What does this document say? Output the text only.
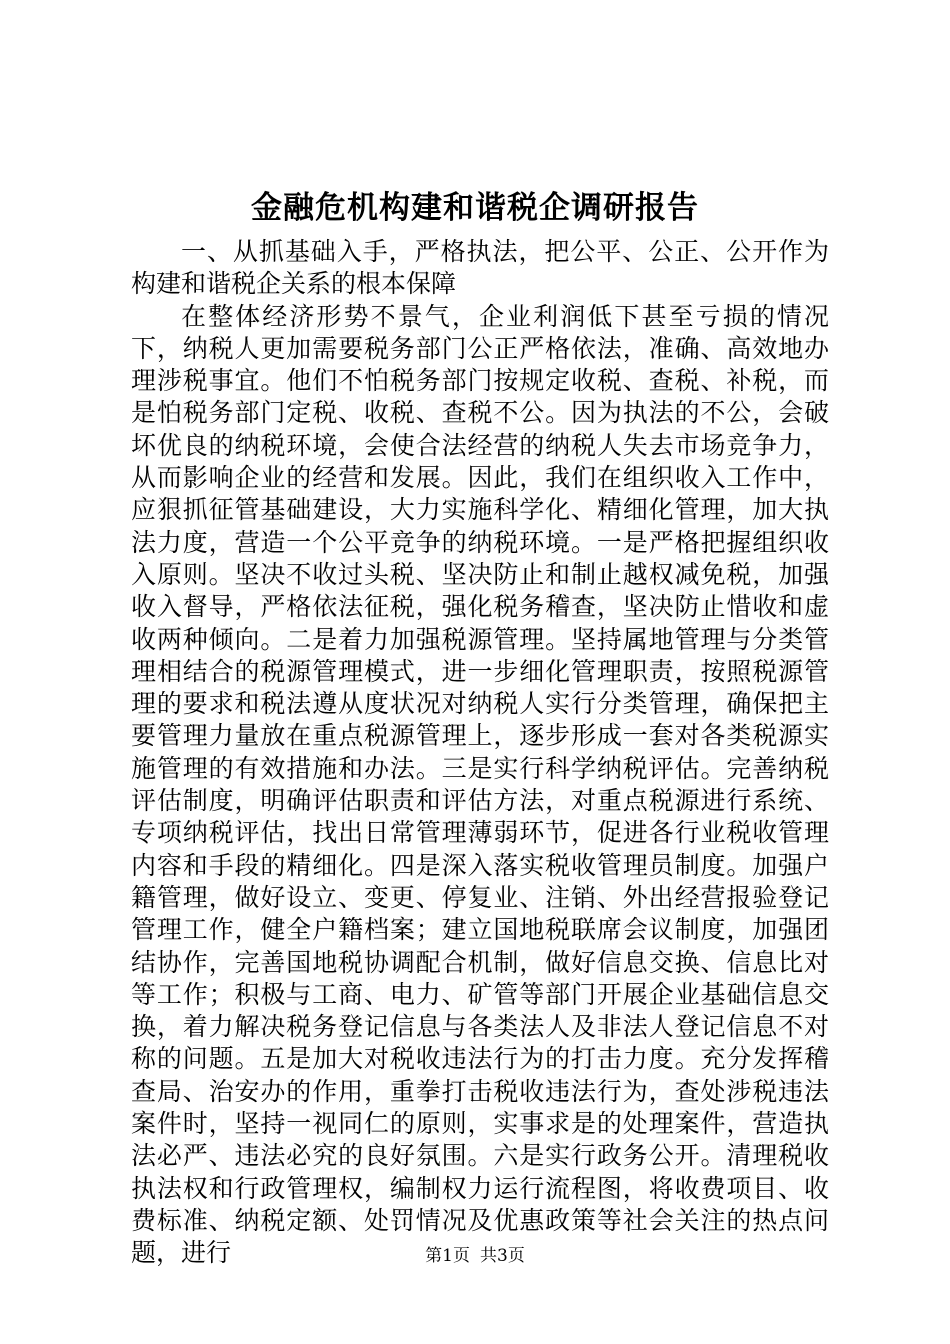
金融危机构建和谐税企调研报告

一、从抓基础入手，严格执法，把公平、公正、公开作为构建和谐税企关系的根本保障

在整体经济形势不景气，企业利润低下甚至亏损的情况下，纳税人更加需要税务部门公正严格依法，准确、高效地办理涉税事宜。他们不怕税务部门按规定收税、查税、补税，而是怕税务部门定税、收税、查税不公。因为执法的不公，会破坏优良的纳税环境，会使合法经营的纳税人失去市场竞争力，从而影响企业的经营和发展。因此，我们在组织收入工作中，应狠抓征管基础建设，大力实施科学化、精细化管理，加大执法力度，营造一个公平竞争的纳税环境。一是严格把握组织收入原则。坚决不收过头税、坚决防止和制止越权减免税，加强收入督导，严格依法征税，强化税务稽查，坚决防止惜收和虚收两种倾向。二是着力加强税源管理。坚持属地管理与分类管理相结合的税源管理模式，进一步细化管理职责，按照税源管理的要求和税法遵从度状况对纳税人实行分类管理，确保把主要管理力量放在重点税源管理上，逐步形成一套对各类税源实施管理的有效措施和办法。三是实行科学纳税评估。完善纳税评估制度，明确评估职责和评估方法，对重点税源进行系统、专项纳税评估，找出日常管理薄弱环节，促进各行业税收管理内容和手段的精细化。四是深入落实税收管理员制度。加强户籍管理，做好设立、变更、停复业、注销、外出经营报验登记管理工作，健全户籍档案；建立国地税联席会议制度，加强团结协作，完善国地税协调配合机制，做好信息交换、信息比对等工作；积极与工商、电力、矿管等部门开展企业基础信息交换，着力解决税务登记信息与各类法人及非法人登记信息不对称的问题。五是加大对税收违法行为的打击力度。充分发挥稽查局、治安办的作用，重拳打击税收违法行为，查处涉税违法案件时，坚持一视同仁的原则，实事求是的处理案件，营造执法必严、违法必究的良好氛围。六是实行政务公开。清理税收执法权和行政管理权，编制权力运行流程图，将收费项目、收费标准、纳税定额、处罚情况及优惠政策等社会关注的热点问题，进行	第1页 共3页
